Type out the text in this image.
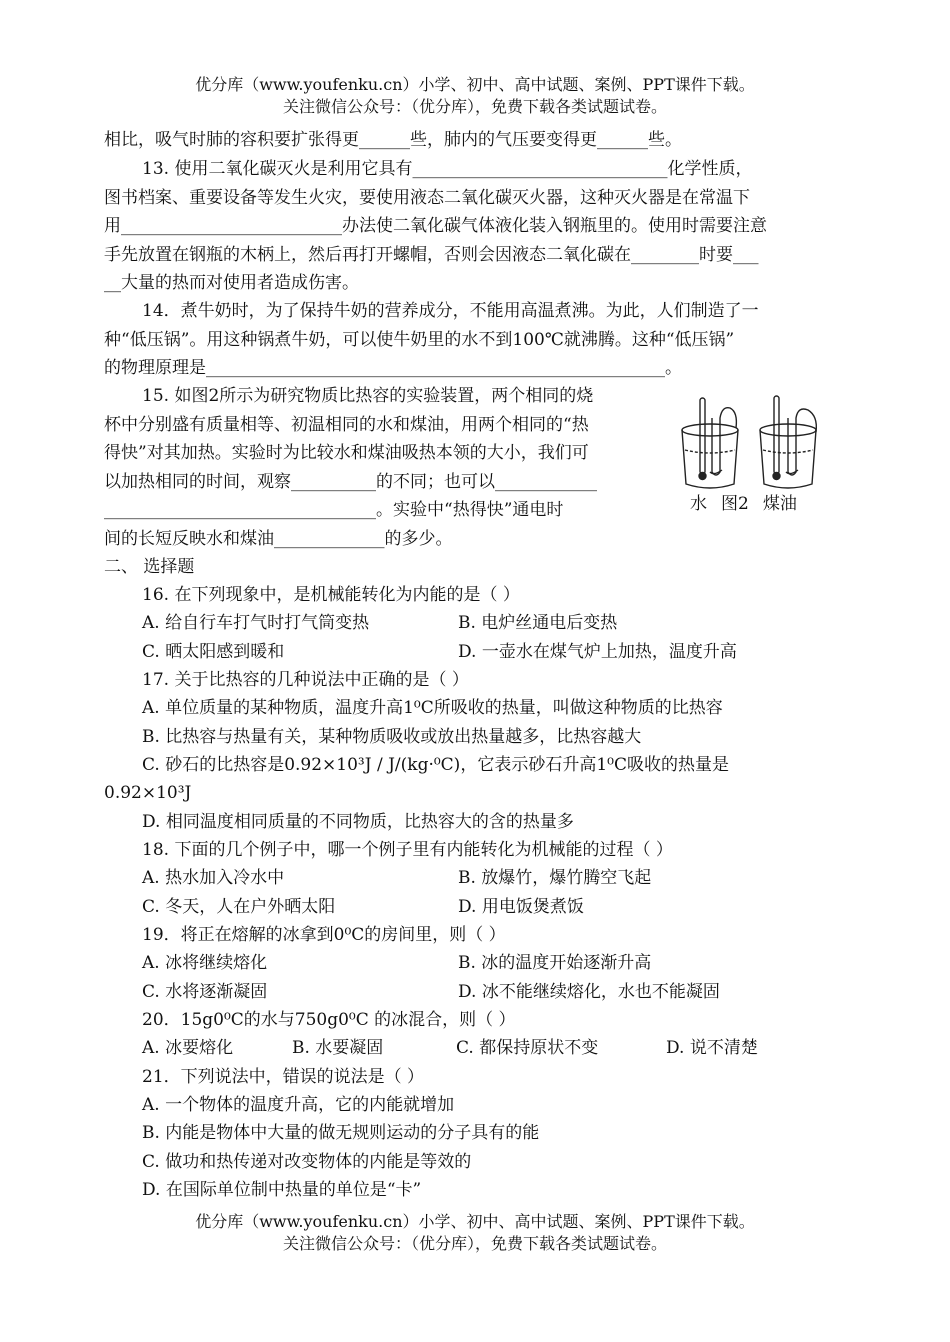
优分库（www.youfenku.cn）小学、初中、高中试题、案例、PPT课件下载。
关注微信公众号：（优分库），免费下载各类试题试卷。
相比，吸气时肺的容积要扩张得更______些，肺内的气压要变得更______些。
13. 使用二氧化碳灭火是利用它具有______________________________化学性质，
图书档案、重要设备等发生火灾，要使用液态二氧化碳灭火器，这种灭火器是在常温下
用__________________________办法使二氧化碳气体液化装入钢瓶里的。使用时需要注意
手先放置在钢瓶的木柄上，然后再打开螺帽，否则会因液态二氧化碳在________时要___
__大量的热而对使用者造成伤害。
14．煮牛奶时，为了保持牛奶的营养成分，不能用高温煮沸。为此，人们制造了一
种“低压锅”。用这种锅煮牛奶，可以使牛奶里的水不到100℃就沸腾。这种“低压锅”
的物理原理是______________________________________________________。
15. 如图2所示为研究物质比热容的实验装置，两个相同的烧
杯中分别盛有质量相等、初温相同的水和煤油，用两个相同的“热
得快”对其加热。实验时为比较水和煤油吸热本领的大小，我们可
以加热相同的时间，观察__________的不同；也可以____________
________________________________。实验中“热得快”通电时
间的长短反映水和煤油_____________的多少。
水 图2 煤油
二、 选择题
16. 在下列现象中，是机械能转化为内能的是（ ）
A. 给自行车打气时打气筒变热	B. 电炉丝通电后变热
C. 晒太阳感到暖和	D. 一壶水在煤气炉上加热，温度升高
17. 关于比热容的几种说法中正确的是（ ）
A. 单位质量的某种物质，温度升高1⁰C所吸收的热量，叫做这种物质的比热容
B. 比热容与热量有关，某种物质吸收或放出热量越多，比热容越大
C. 砂石的比热容是0.92×10³J / J/(kg·⁰C)，它表示砂石升高1⁰C吸收的热量是
0.92×10³J
D. 相同温度相同质量的不同物质，比热容大的含的热量多
18. 下面的几个例子中，哪一个例子里有内能转化为机械能的过程（ ）
A. 热水加入冷水中	B. 放爆竹，爆竹腾空飞起
C. 冬天，人在户外晒太阳	D. 用电饭煲煮饭
19．将正在熔解的冰拿到0⁰C的房间里，则（ ）
A. 冰将继续熔化	B. 冰的温度开始逐渐升高
C. 水将逐渐凝固	D. 冰不能继续熔化，水也不能凝固
20．15g0⁰C的水与750g0⁰C 的冰混合，则（ ）
A. 冰要熔化	B. 水要凝固	C. 都保持原状不变	D. 说不清楚
21．下列说法中，错误的说法是（ ）
A. 一个物体的温度升高，它的内能就增加
B. 内能是物体中大量的做无规则运动的分子具有的能
C. 做功和热传递对改变物体的内能是等效的
D. 在国际单位制中热量的单位是“卡”
优分库（www.youfenku.cn）小学、初中、高中试题、案例、PPT课件下载。
关注微信公众号：（优分库），免费下载各类试题试卷。
